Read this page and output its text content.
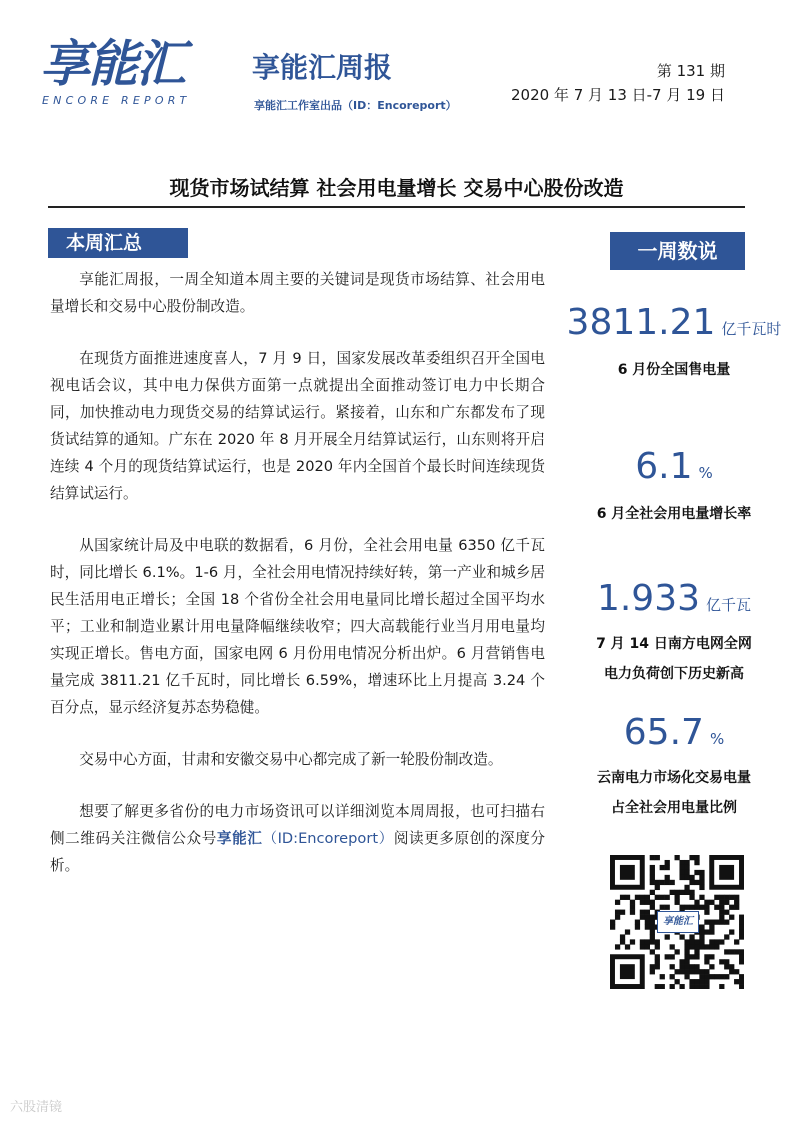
享能汇
ENCORE REPORT
享能汇周报
享能汇工作室出品（ID：Encoreport）
第 131 期
2020 年 7 月 13 日-7 月 19 日
现货市场试结算 社会用电量增长 交易中心股份改造
本周汇总	一周数说

享能汇周报，一周全知道本周主要的关键词是现货市场结算、社会用电量增长和交易中心股份制改造。

在现货方面推进速度喜人，7 月 9 日，国家发展改革委组织召开全国电视电话会议，其中电力保供方面第一点就提出全面推动签订电力中长期合同，加快推动电力现货交易的结算试运行。紧接着，山东和广东都发布了现货试结算的通知。广东在 2020 年 8 月开展全月结算试运行，山东则将开启连续 4 个月的现货结算试运行，也是 2020 年内全国首个最长时间连续现货结算试运行。

从国家统计局及中电联的数据看，6 月份，全社会用电量 6350 亿千瓦时，同比增长 6.1%。1-6 月，全社会用电情况持续好转，第一产业和城乡居民生活用电正增长；全国 18 个省份全社会用电量同比增长超过全国平均水平；工业和制造业累计用电量降幅继续收窄；四大高载能行业当月用电量均实现正增长。售电方面，国家电网 6 月份用电情况分析出炉。6 月营销售电量完成 3811.21 亿千瓦时，同比增长 6.59%，增速环比上月提高 3.24 个百分点，显示经济复苏态势稳健。

交易中心方面，甘肃和安徽交易中心都完成了新一轮股份制改造。

想要了解更多省份的电力市场资讯可以详细浏览本周周报，也可扫描右侧二维码关注微信公众号享能汇（ID:Encoreport）阅读更多原创的深度分析。

3811.21 亿千瓦时
6 月份全国售电量
6.1 %
6 月全社会用电量增长率
1.933 亿千瓦
7 月 14 日南方电网全网
电力负荷创下历史新高
65.7 %
云南电力市场化交易电量
占全社会用电量比例
享能汇
六股清镜
